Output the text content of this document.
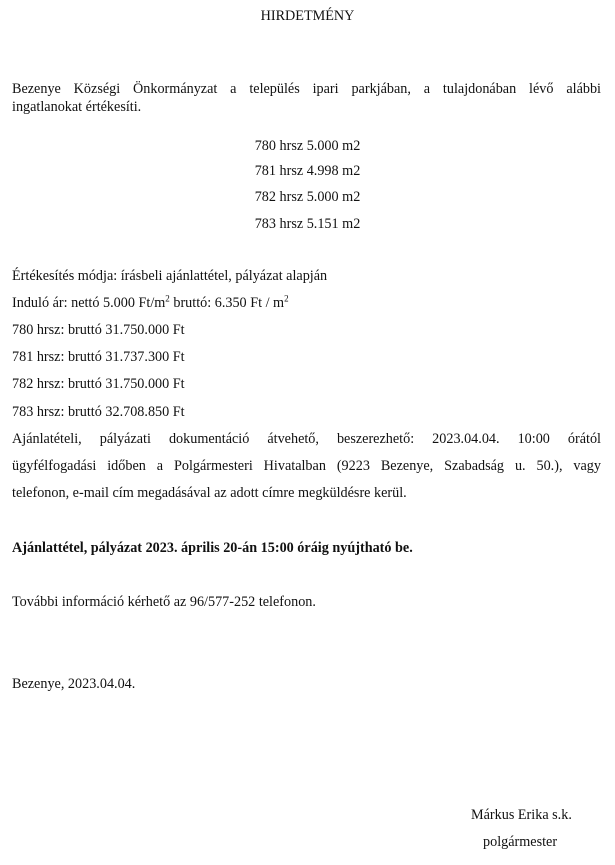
HIRDETMÉNY
Bezenye Községi Önkormányzat a település ipari parkjában, a tulajdonában lévő alábbi
ingatlanokat értékesíti.
780 hrsz 5.000 m2
781 hrsz 4.998 m2
782 hrsz 5.000 m2
783 hrsz 5.151 m2
Értékesítés módja: írásbeli ajánlattétel, pályázat alapján
Induló ár: nettó 5.000 $Ft/m^2$ bruttó: 6.350 Ft / $m^2$
780 hrsz: bruttó 31.750.000 Ft
781 hrsz: bruttó 31.737.300 Ft
782 hrsz: bruttó 31.750.000 Ft
783 hrsz: bruttó 32.708.850 Ft
Ajánlatételi, pályázati dokumentáció átvehető, beszerezhető: 2023.04.04. 10:00 órától
ügyfélfogadási időben a Polgármesteri Hivatalban (9223 Bezenye, Szabadság u. 50.), vagy
telefonon, e-mail cím megadásával az adott címre megküldésre kerül.
Ajánlattétel, pályázat 2023. április 20-án 15:00 óráig nyújtható be.
További információ kérhető az 96/577-252 telefonon.
Bezenye, 2023.04.04.
Márkus Erika s.k.
polgármester
